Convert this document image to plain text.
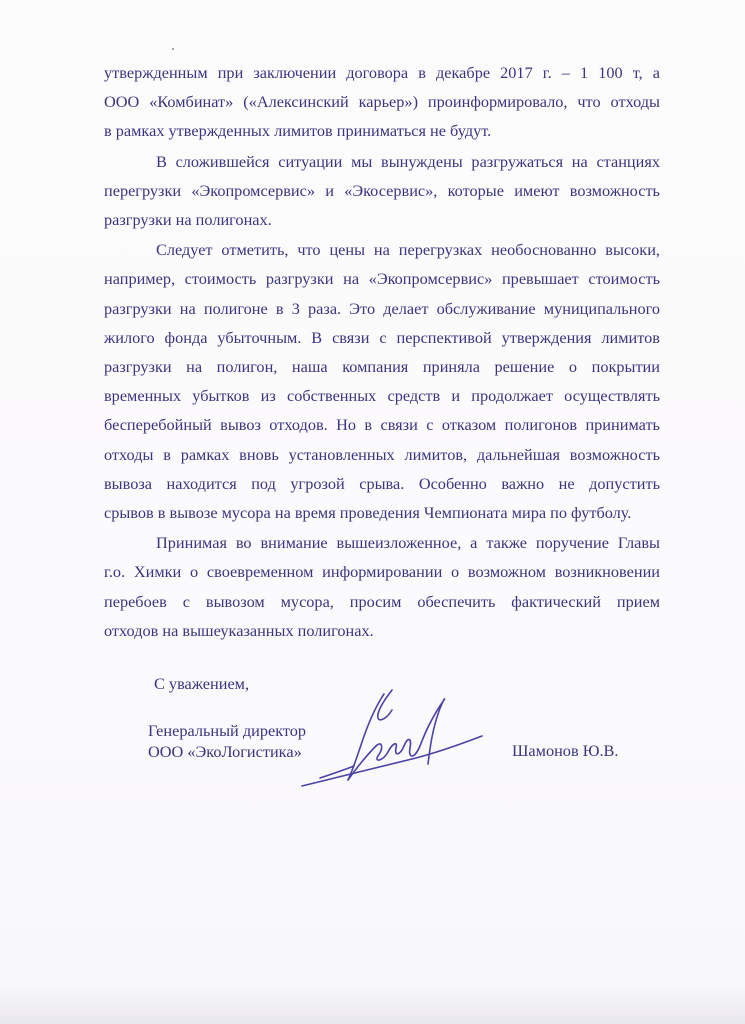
утвержденным при заключении договора в декабре 2017 г. – 1 100 т, а
ООО «Комбинат» («Алексинский карьер») проинформировало, что отходы
в рамках утвержденных лимитов приниматься не будут.

В сложившейся ситуации мы вынуждены разгружаться на станциях
перегрузки «Экопромсервис» и «Экосервис», которые имеют возможность
разгрузки на полигонах.

Следует отметить, что цены на перегрузках необоснованно высоки,
например, стоимость разгрузки на «Экопромсервис» превышает стоимость
разгрузки на полигоне в 3 раза. Это делает обслуживание муниципального
жилого фонда убыточным. В связи с перспективой утверждения лимитов
разгрузки на полигон, наша компания приняла решение о покрытии
временных убытков из собственных средств и продолжает осуществлять
бесперебойный вывоз отходов. Но в связи с отказом полигонов принимать
отходы в рамках вновь установленных лимитов, дальнейшая возможность
вывоза находится под угрозой срыва. Особенно важно не допустить
срывов в вывозе мусора на время проведения Чемпионата мира по футболу.

Принимая во внимание вышеизложенное, а также поручение Главы
г.о. Химки о своевременном информировании о возможном возникновении
перебоев с вывозом мусора, просим обеспечить фактический прием
отходов на вышеуказанных полигонах.

С уважением,
Генеральный директор
ООО «ЭкоЛогистика»	Шамонов Ю.В.
